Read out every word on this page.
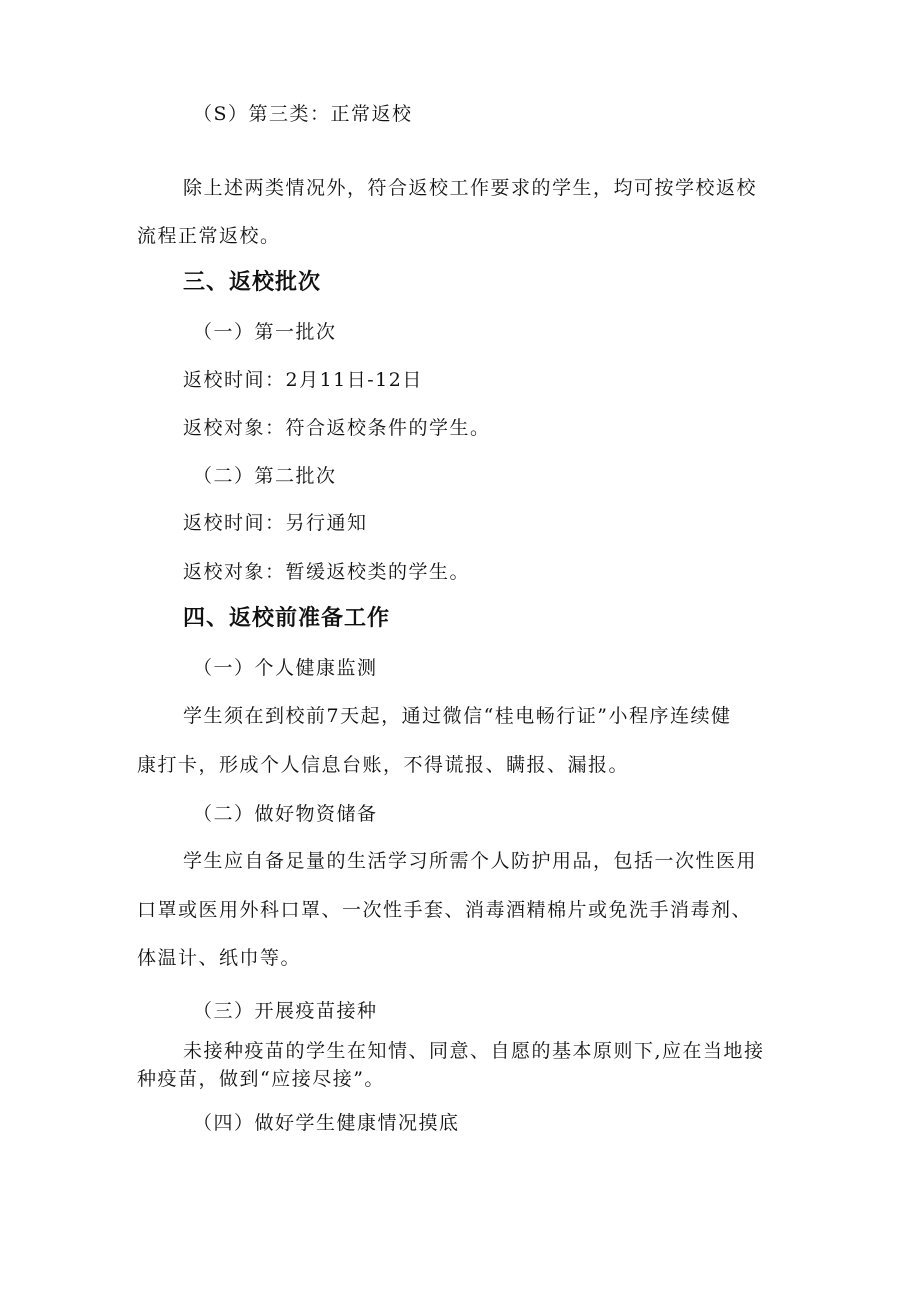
（S）第三类：正常返校
除上述两类情况外，符合返校工作要求的学生，均可按学校返校
流程正常返校。
三、返校批次
（一）第一批次
返校时间：2月11日-12日
返校对象：符合返校条件的学生。
（二）第二批次
返校时间：另行通知
返校对象：暂缓返校类的学生。
四、返校前准备工作
（一）个人健康监测
学生须在到校前7天起，通过微信“桂电畅行证”小程序连续健
康打卡，形成个人信息台账，不得谎报、瞒报、漏报。
（二）做好物资储备
学生应自备足量的生活学习所需个人防护用品，包括一次性医用
口罩或医用外科口罩、一次性手套、消毒酒精棉片或免洗手消毒剂、
体温计、纸巾等。
（三）开展疫苗接种
未接种疫苗的学生在知情、同意、自愿的基本原则下,应在当地接
种疫苗，做到“应接尽接”。
（四）做好学生健康情况摸底
